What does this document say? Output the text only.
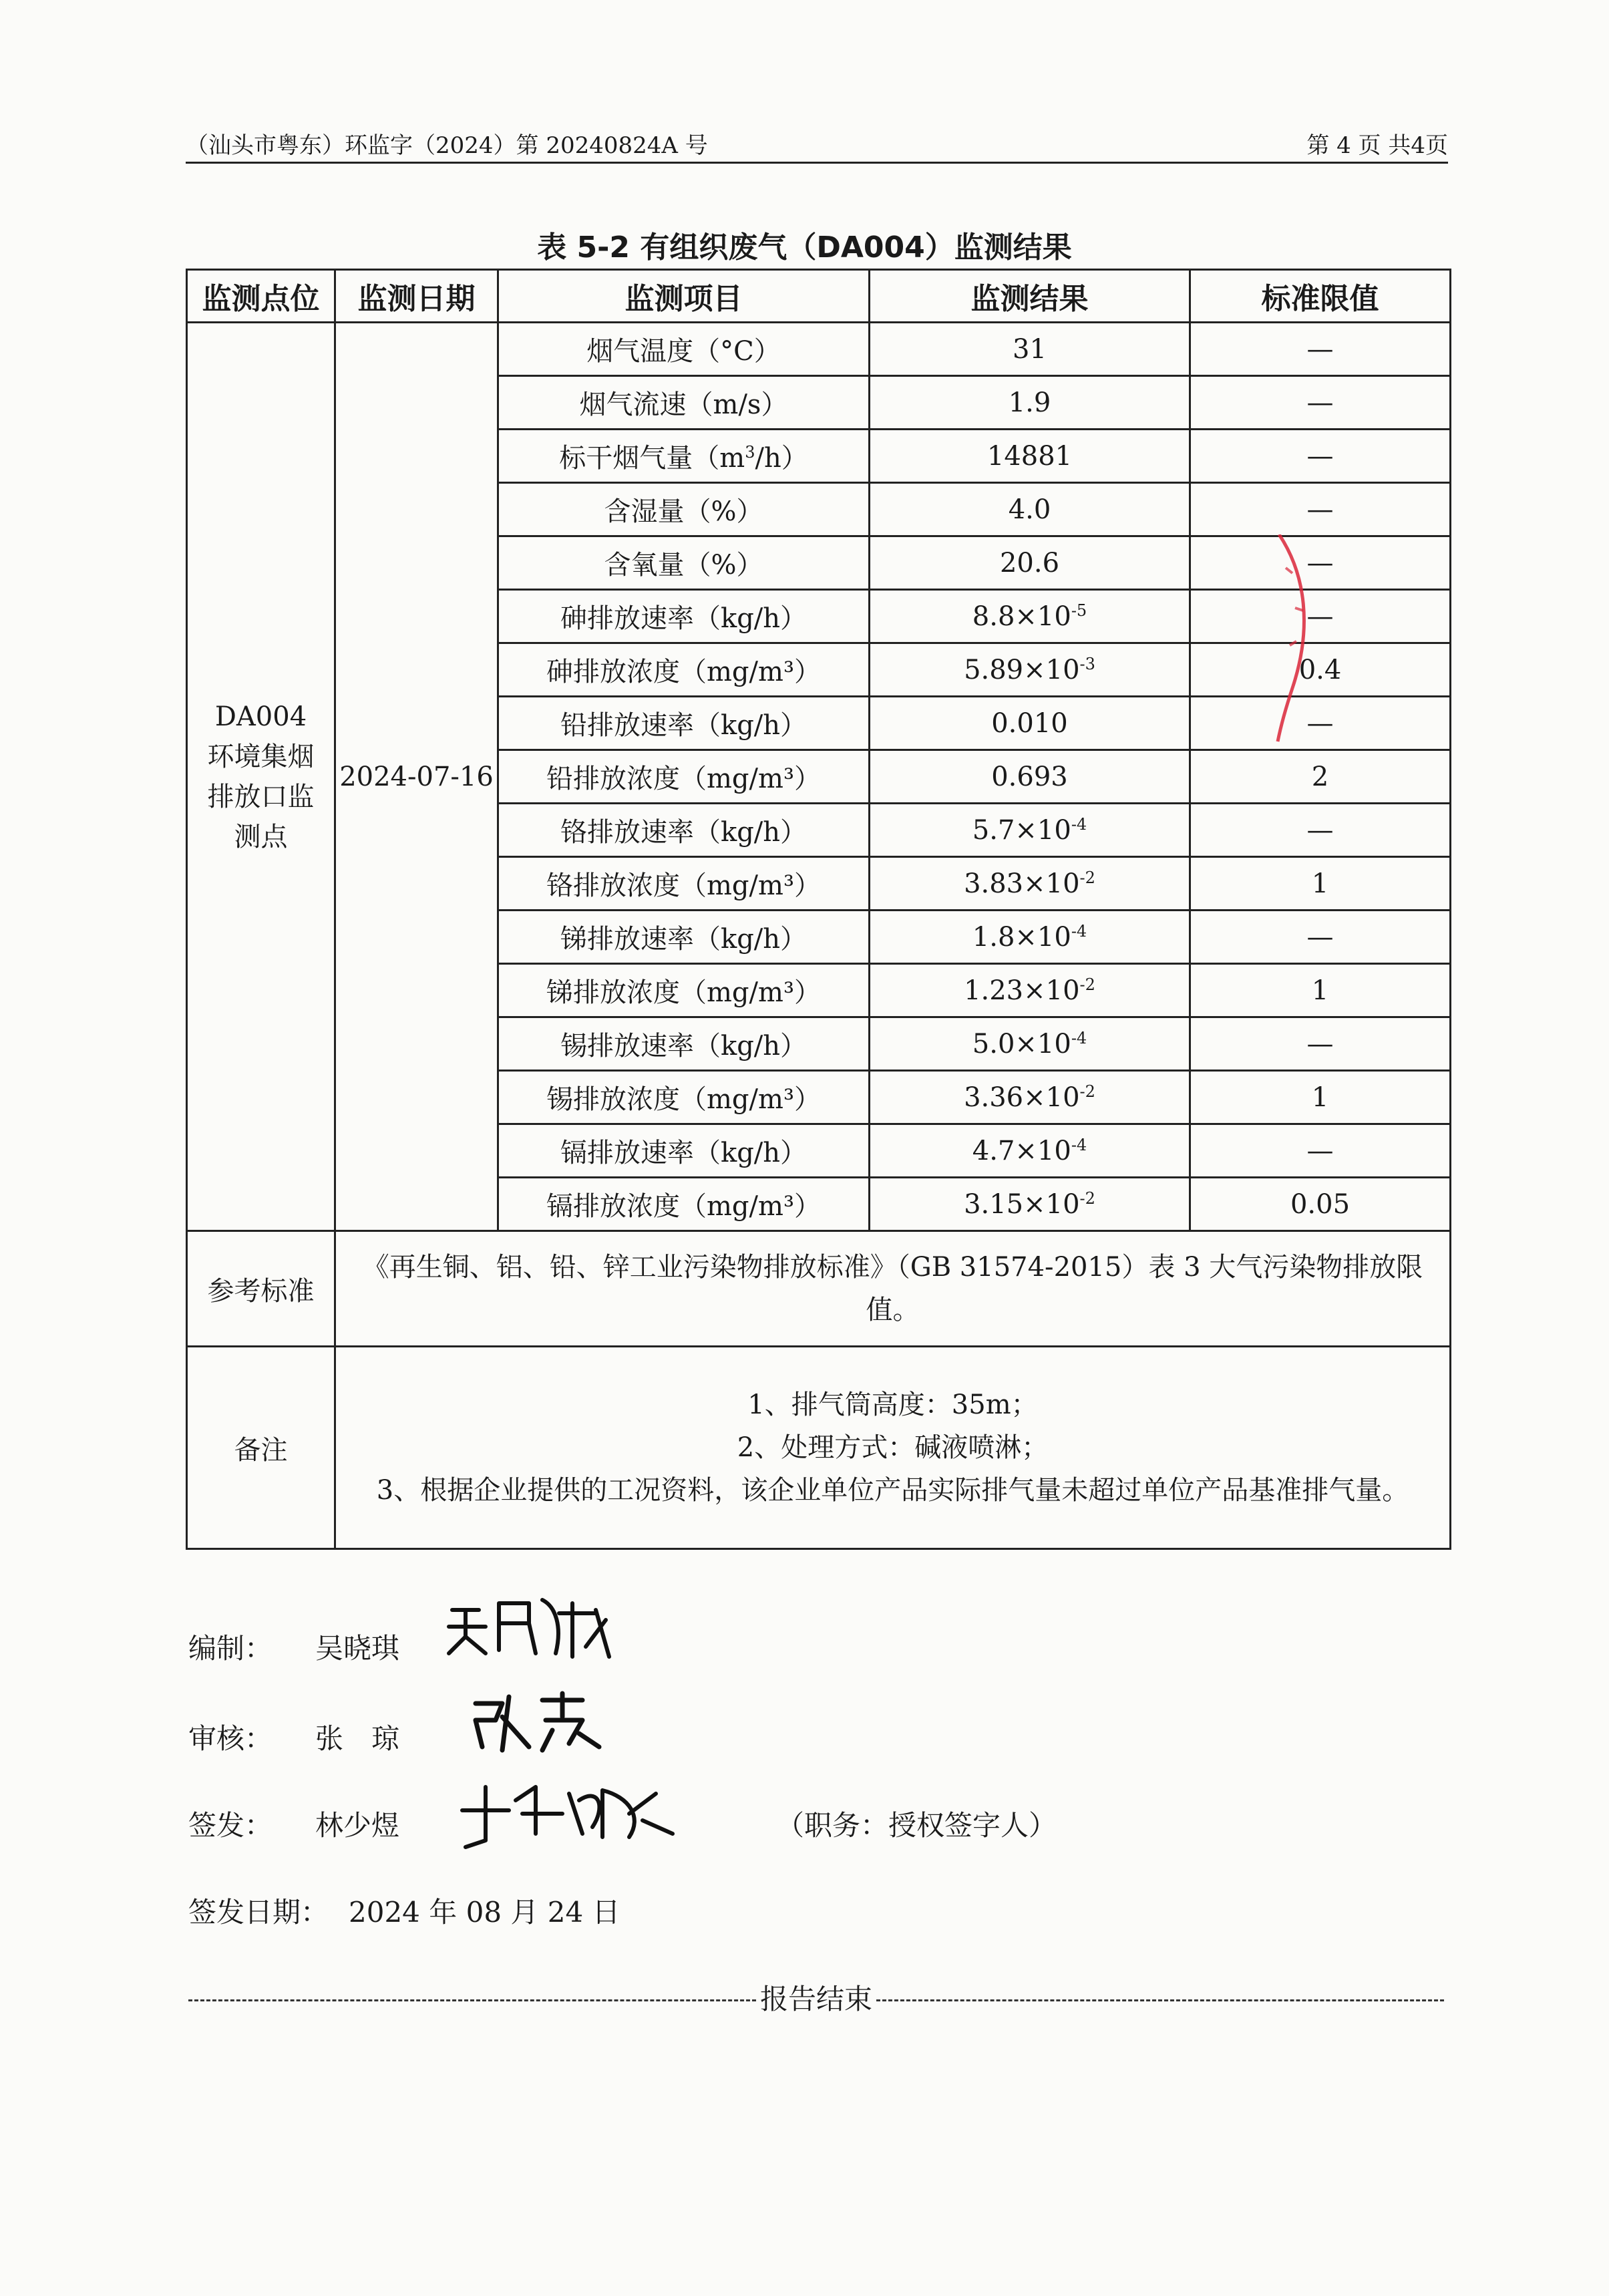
（汕头市粤东）环监字（2024）第 20240824A 号	第 4 页 共4页
表 5-2 有组织废气（DA004）监测结果
监测点位	监测日期	监测项目	监测结果	标准限值

DA004
环境集烟
排放口监
测点	2024-07-16	烟气温度（°C）	31	—
		烟气流速（m/s）	1.9	—
		标干烟气量$(m^3/h)$	14881	—
		含湿量（%）	4.0	—
		含氧量（%）	20.6	—
		砷排放速率（kg/h）	$8.8\times 10^{-5}$	—
		砷排放浓度（mg/m³）	$5.89\times 10^{-3}$	0.4
		铅排放速率（kg/h）	0.010	—
		铅排放浓度（mg/m³）	0.693	2
		铬排放速率（kg/h）	$5.7\times 10^{-4}$	—
		铬排放浓度（mg/m³）	$3.83\times 10^{-2}$	1
		锑排放速率（kg/h）	$1.8\times 10^{-4}$	—
		锑排放浓度（mg/m³）	$1.23\times 10^{-2}$	1
		锡排放速率（kg/h）	$5.0\times 10^{-4}$	—
		锡排放浓度（mg/m³）	$3.36\times 10^{-2}$	1
		镉排放速率（kg/h）	$4.7\times 10^{-4}$	—
		镉排放浓度（mg/m³）	$3.15\times 10^{-2}$	0.05
参考标准	《再生铜、铝、铅、锌工业污染物排放标准》（GB 31574-2015）表 3 大气污染物排放限值。			
备注	1、排气筒高度：35m；
2、处理方式：碱液喷淋；
3、根据企业提供的工况资料，该企业单位产品实际排气量未超过单位产品基准排气量。			
编制： 吴晓琪
审核： 张　琼
签发： 林少煜	（职务：授权签字人）
签发日期： 2024 年 08 月 24 日
报告结束
